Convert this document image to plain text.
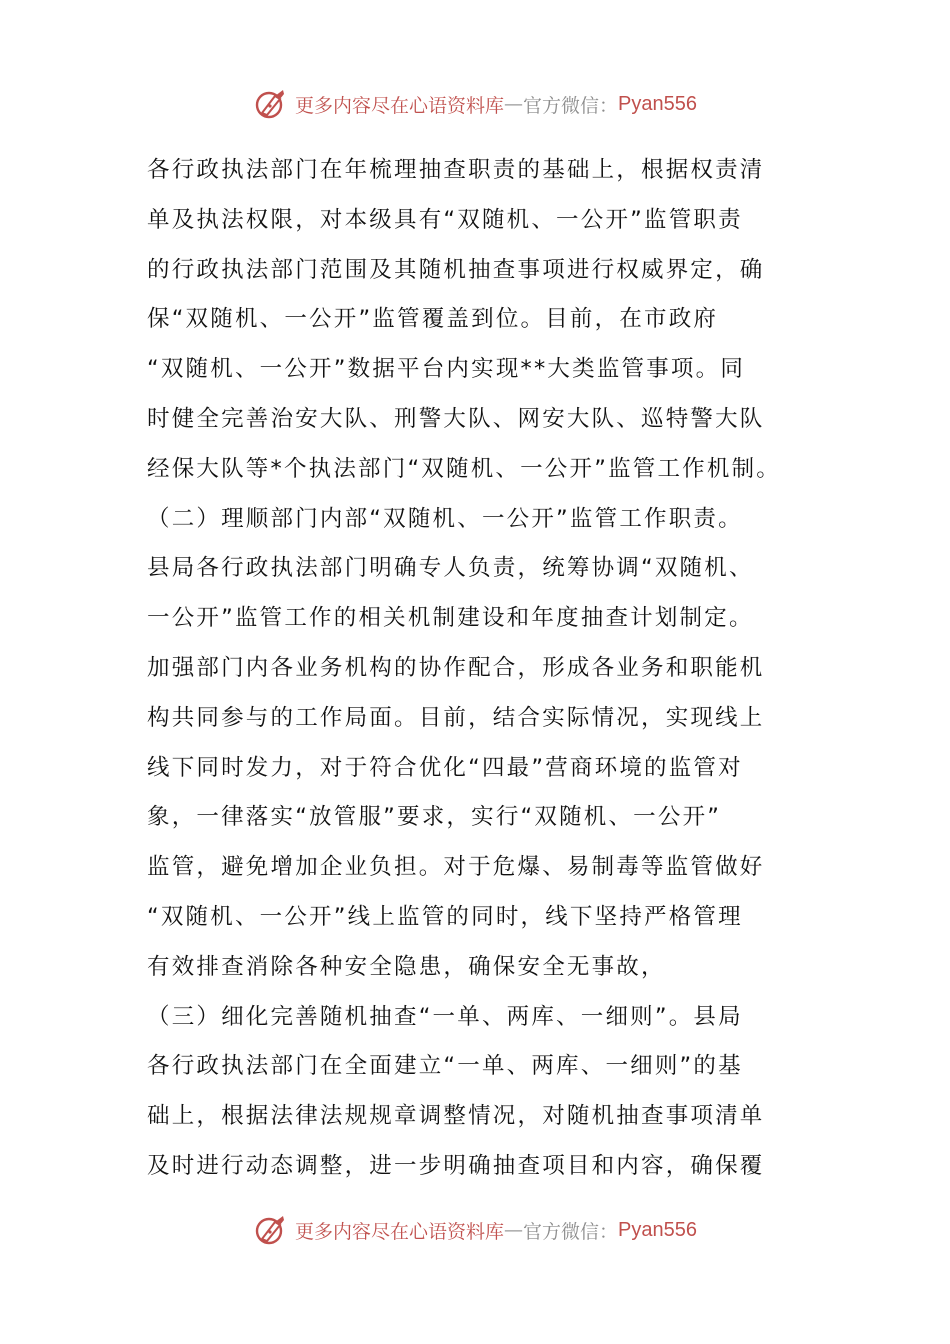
更多内容尽在心语资料库 — 官方微信： Pyan556
各行政执法部门在年梳理抽查职责的基础上，根据权责清
单及执法权限，对本级具有“双随机、一公开”监管职责
的行政执法部门范围及其随机抽查事项进行权威界定，确
保“双随机、一公开”监管覆盖到位。目前，在市政府
“双随机、一公开”数据平台内实现**大类监管事项。同
时健全完善治安大队、刑警大队、网安大队、巡特警大队
经保大队等*个执法部门“双随机、一公开”监管工作机制。
（二）理顺部门内部“双随机、一公开”监管工作职责。
县局各行政执法部门明确专人负责，统筹协调“双随机、
一公开”监管工作的相关机制建设和年度抽查计划制定。
加强部门内各业务机构的协作配合，形成各业务和职能机
构共同参与的工作局面。目前，结合实际情况，实现线上
线下同时发力，对于符合优化“四最”营商环境的监管对
象，一律落实“放管服”要求，实行“双随机、一公开”
监管，避免增加企业负担。对于危爆、易制毒等监管做好
“双随机、一公开”线上监管的同时，线下坚持严格管理
有效排查消除各种安全隐患，确保安全无事故，
（三）细化完善随机抽查“一单、两库、一细则”。县局
各行政执法部门在全面建立“一单、两库、一细则”的基
础上，根据法律法规规章调整情况，对随机抽查事项清单
及时进行动态调整，进一步明确抽查项目和内容，确保覆
更多内容尽在心语资料库 — 官方微信： Pyan556
